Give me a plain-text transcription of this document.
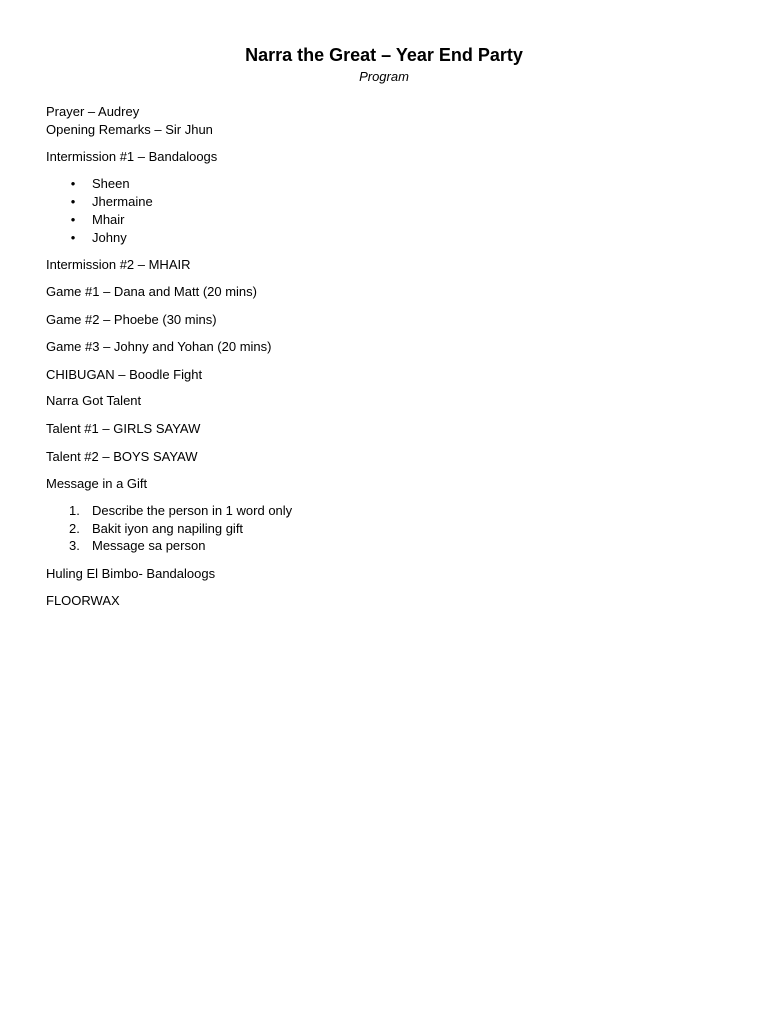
Narra the Great – Year End Party
Program
Prayer – Audrey
Opening Remarks – Sir Jhun
Intermission #1 – Bandaloogs
• Sheen
• Jhermaine
• Mhair
• Johny
Intermission #2 – MHAIR
Game #1 – Dana and Matt (20 mins)
Game #2 – Phoebe (30 mins)
Game #3 – Johny and Yohan (20 mins)
CHIBUGAN – Boodle Fight
Narra Got Talent
Talent #1 – GIRLS SAYAW
Talent #2 – BOYS SAYAW
Message in a Gift
1. Describe the person in 1 word only
2. Bakit iyon ang napiling gift
3. Message sa person
Huling El Bimbo- Bandaloogs
FLOORWAX
